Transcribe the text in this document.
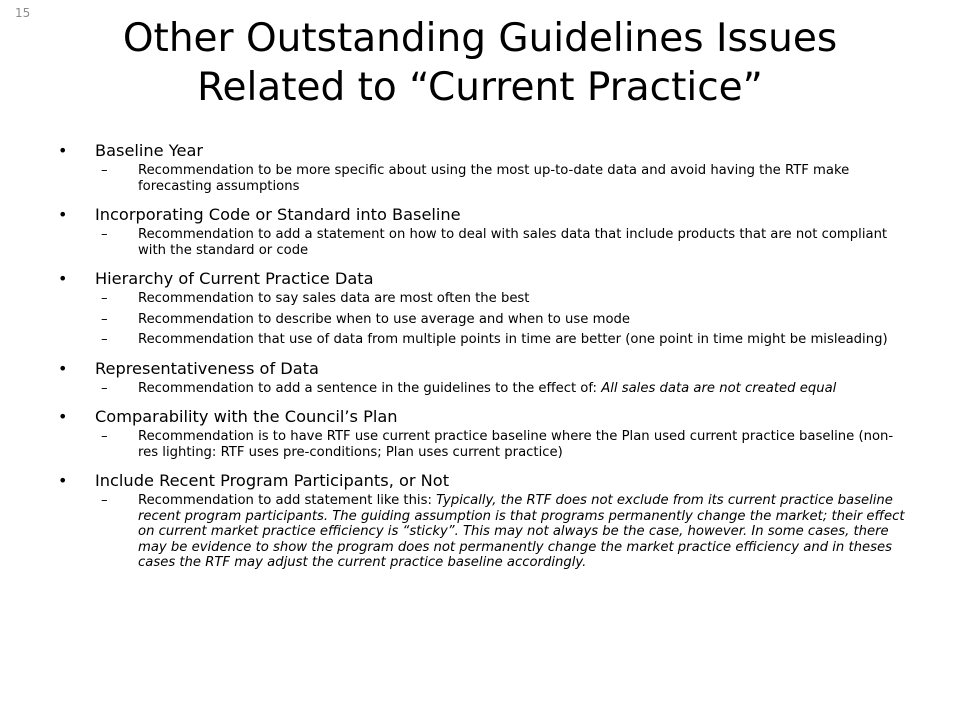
15
Other Outstanding Guidelines Issues
Related to “Current Practice”
• Baseline Year
– Recommendation to be more specific about using the most up-to-date data and avoid having the RTF make forecasting assumptions
• Incorporating Code or Standard into Baseline
– Recommendation to add a statement on how to deal with sales data that include products that are not compliant with the standard or code
• Hierarchy of Current Practice Data
– Recommendation to say sales data are most often the best
– Recommendation to describe when to use average and when to use mode
– Recommendation that use of data from multiple points in time are better (one point in time might be misleading)
• Representativeness of Data
– Recommendation to add a sentence in the guidelines to the effect of: All sales data are not created equal
• Comparability with the Council’s Plan
– Recommendation is to have RTF use current practice baseline where the Plan used current practice baseline (non-res lighting: RTF uses pre-conditions; Plan uses current practice)
• Include Recent Program Participants, or Not
– Recommendation to add statement like this: Typically, the RTF does not exclude from its current practice baseline recent program participants. The guiding assumption is that programs permanently change the market; their effect on current market practice efficiency is “sticky”. This may not always be the case, however. In some cases, there may be evidence to show the program does not permanently change the market practice efficiency and in theses cases the RTF may adjust the current practice baseline accordingly.
